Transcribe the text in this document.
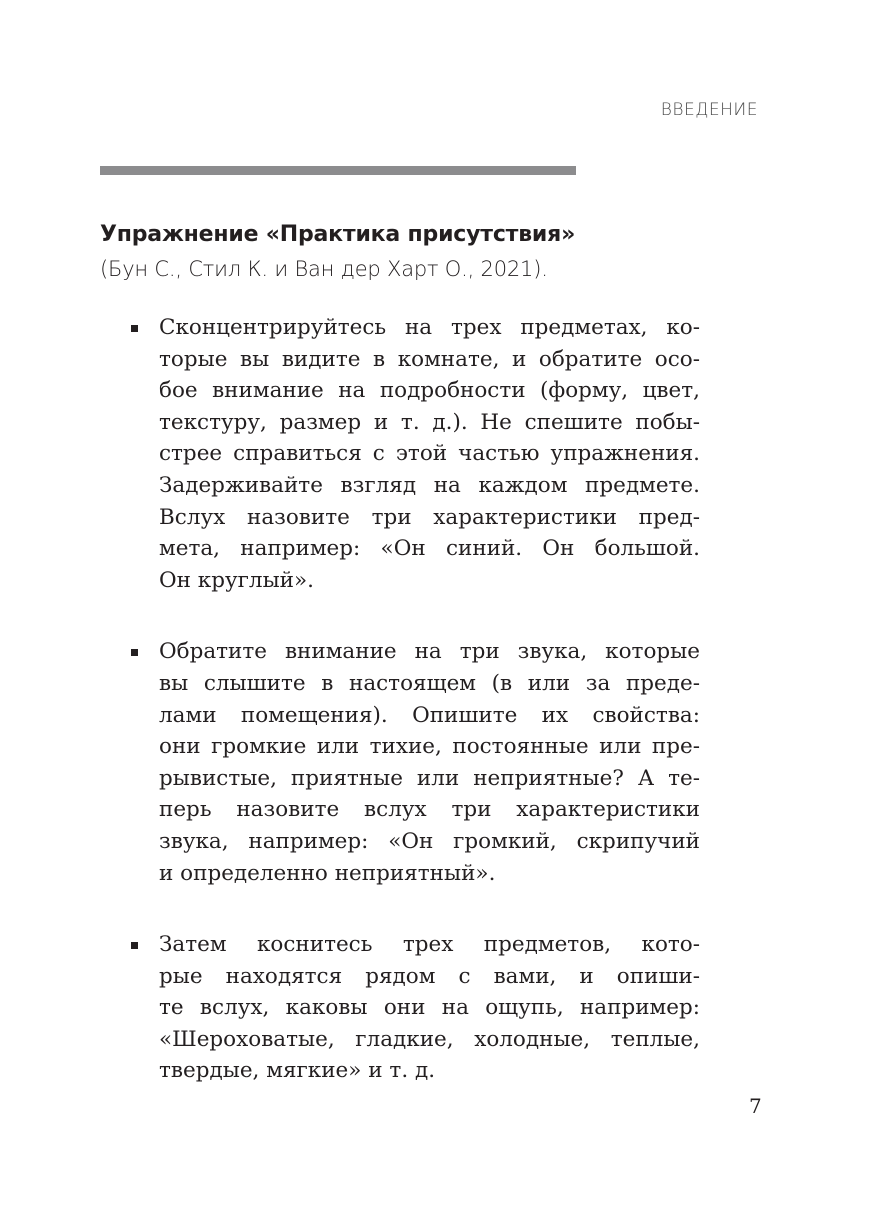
ВВЕДЕНИЕ
Упражнение «Практика присутствия»
(Бун С., Стил К. и Ван дер Харт О., 2021).
Сконцентрируйтесь на трех предметах, ко-
торые вы видите в комнате, и обратите осо-
бое внимание на подробности (форму, цвет,
текстуру, размер и т. д.). Не спешите побы-
стрее справиться с этой частью упражнения.
Задерживайте взгляд на каждом предмете.
Вслух назовите три характеристики пред-
мета, например: «Он синий. Он большой.
Он круглый».
Обратите внимание на три звука, которые
вы слышите в настоящем (в или за преде-
лами помещения). Опишите их свойства:
они громкие или тихие, постоянные или пре-
рывистые, приятные или неприятные? А те-
перь назовите вслух три характеристики
звука, например: «Он громкий, скрипучий
и определенно неприятный».
Затем коснитесь трех предметов, кото-
рые находятся рядом с вами, и опиши-
те вслух, каковы они на ощупь, например:
«Шероховатые, гладкие, холодные, теплые,
твердые, мягкие» и т. д.
7
